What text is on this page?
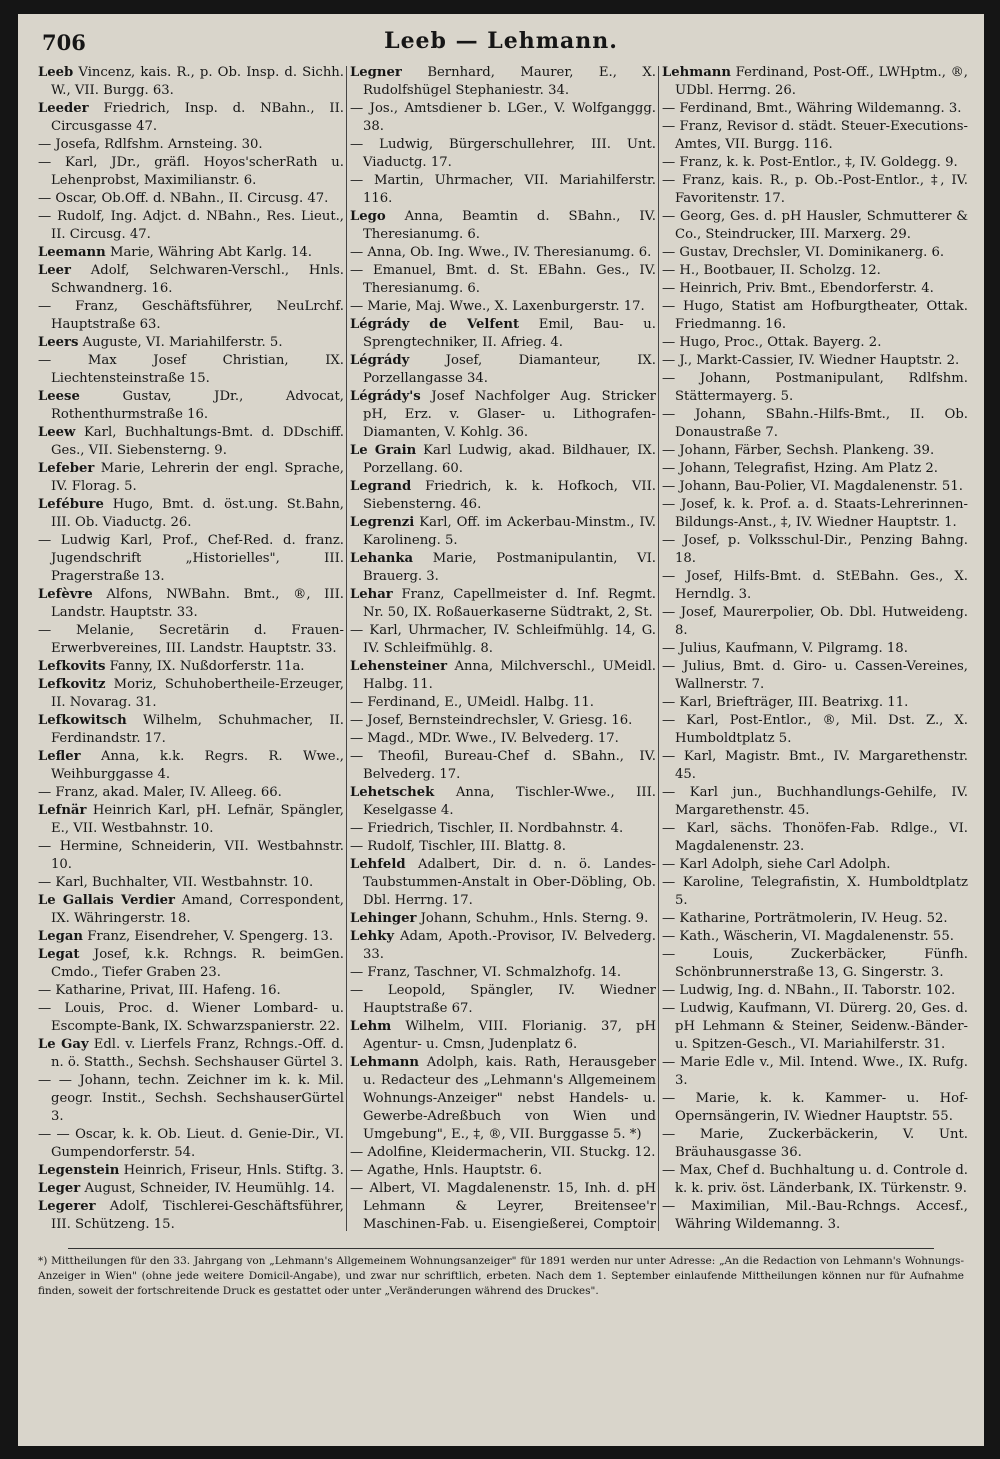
706	Leeb — Lehmann.

Leeb Vincenz, kais. R., p. Ob. Insp. d. Sichh. W., VII. Burgg. 63.

Leeder Friedrich, Insp. d. NBahn., II. Circusgasse 47.

— Josefa, Rdlfshm. Arnsteing. 30.

— Karl, JDr., gräfl. Hoyos'scherRath u. Lehenprobst, Maximilianstr. 6.

— Oscar, Ob.Off. d. NBahn., II. Circusg. 47.

— Rudolf, Ing. Adjct. d. NBahn., Res. Lieut., II. Circusg. 47.

Leemann Marie, Währing Abt Karlg. 14.

Leer Adolf, Selchwaren-Verschl., Hnls. Schwandnerg. 16.

— Franz, Geschäftsführer, NeuLrchf. Hauptstraße 63.

Leers Auguste, VI. Mariahilferstr. 5.

— Max Josef Christian, IX. Liechtensteinstraße 15.

Leese	Gustav, JDr., Advocat, Rothenthurmstraße 16.

Leew Karl, Buchhaltungs-Bmt. d. DDschiff. Ges., VII. Siebensterng. 9.

Lefeber Marie, Lehrerin der engl. Sprache, IV. Florag. 5.

Lefébure Hugo, Bmt. d. öst.ung. St.Bahn, III. Ob. Viaductg. 26.

— Ludwig Karl, Prof., Chef-Red. d. franz. Jugendschrift „Historielles", III. Pragerstraße 13.

Lefèvre Alfons, NWBahn. Bmt., ®, III. Landstr. Hauptstr. 33.

— Melanie, Secretärin d. Frauen-Erwerbvereines, III. Landstr. Hauptstr. 33.

Lefkovits Fanny, IX. Nußdorferstr. 11a.

Lefkovitz Moriz, Schuhobertheile-Erzeuger, II. Novarag. 31.

Lefkowitsch Wilhelm, Schuhmacher, II. Ferdinandstr. 17.

Lefler Anna, k.k. Regrs. R. Wwe., Weihburggasse 4.

— Franz, akad. Maler, IV. Alleeg. 66.

Lefnär Heinrich Karl, pH. Lefnär, Spängler, E., VII. Westbahnstr. 10.

— Hermine, Schneiderin, VII. Westbahnstr. 10.

— Karl, Buchhalter, VII. Westbahnstr. 10.

Le Gallais Verdier Amand, Correspondent, IX. Währingerstr. 18.

Legan Franz, Eisendreher, V. Spengerg. 13.

Legat Josef, k.k. Rchngs. R. beimGen. Cmdo., Tiefer Graben 23.

— Katharine, Privat, III. Hafeng. 16.

— Louis, Proc. d. Wiener Lombard- u. Escompte-Bank, IX. Schwarzspanierstr. 22.

Le Gay Edl. v. Lierfels Franz, Rchngs.-Off. d. n. ö. Statth., Sechsh. Sechshauser Gürtel 3.

— — Johann, techn. Zeichner im k. k. Mil. geogr. Instit., Sechsh. SechshauserGürtel 3.

— — Oscar, k. k. Ob. Lieut. d. Genie-Dir., VI. Gumpendorferstr. 54.

Legenstein Heinrich, Friseur, Hnls. Stiftg. 3.

Leger August, Schneider, IV. Heumühlg. 14.

Legerer Adolf, Tischlerei-Geschäftsführer, III. Schützeng. 15.

Legner Bernhard, Maurer, E., X. Rudolfshügel Stephaniestr. 34.

— Jos., Amtsdiener b. LGer., V. Wolfganggg. 38.

— Ludwig, Bürgerschullehrer, III. Unt. Viaductg. 17.

— Martin, Uhrmacher, VII. Mariahilferstr. 116.

Lego Anna, Beamtin d. SBahn., IV. Theresianumg. 6.

— Anna, Ob. Ing. Wwe., IV. Theresianumg. 6.

— Emanuel, Bmt. d. St. EBahn. Ges., IV. Theresianumg. 6.

— Marie, Maj. Wwe., X. Laxenburgerstr. 17.

Légrády de Velfent Emil, Bau- u. Sprengtechniker, II. Afrieg. 4.

Légrády	Josef, Diamanteur, IX. Porzellangasse 34.

Légrády's Josef Nachfolger Aug. Stricker pH, Erz. v. Glaser- u. Lithografen-Diamanten, V. Kohlg. 36.

Le Grain Karl Ludwig, akad. Bildhauer, IX. Porzellang. 60.

Legrand Friedrich, k. k. Hofkoch, VII. Siebensterng. 46.

Legrenzi Karl, Off. im Ackerbau-Minstm., IV. Karolineng. 5.

Lehanka Marie, Postmanipulantin, VI. Brauerg. 3.

Lehar Franz, Capellmeister d. Inf. Regmt. Nr. 50, IX. Roßauerkaserne Südtrakt, 2, St.

— Karl, Uhrmacher, IV. Schleifmühlg. 14, G. IV. Schleifmühlg. 8.

Lehensteiner Anna, Milchverschl., UMeidl. Halbg. 11.

— Ferdinand, E., UMeidl. Halbg. 11.

— Josef, Bernsteindrechsler, V. Griesg. 16.

— Magd., MDr. Wwe., IV. Belvederg. 17.

— Theofil, Bureau-Chef d. SBahn., IV. Belvederg. 17.

Lehetschek Anna, Tischler-Wwe., III. Keselgasse 4.

— Friedrich, Tischler, II. Nordbahnstr. 4.

— Rudolf, Tischler, III. Blattg. 8.

Lehfeld Adalbert, Dir. d. n. ö. Landes-Taubstummen-Anstalt in Ober-Döbling, Ob. Dbl. Herrng. 17.

Lehinger Johann, Schuhm., Hnls. Sterng. 9.

Lehky Adam, Apoth.-Provisor, IV. Belvederg. 33.

— Franz, Taschner, VI. Schmalzhofg. 14.

— Leopold, Spängler, IV. Wiedner Hauptstraße 67.

Lehm Wilhelm, VIII. Florianig. 37, pH Agentur- u. Cmsn, Judenplatz 6.

Lehmann Adolph, kais. Rath, Herausgeber u. Redacteur des „Lehmann's Allgemeinem Wohnungs-Anzeiger" nebst Handels- u. Gewerbe-Adreßbuch von Wien und Umgebung", E., ‡, ®, VII. Burggasse 5. *)

— Adolfine, Kleidermacherin, VII. Stuckg. 12.

— Agathe, Hnls. Hauptstr. 6.

— Albert, VI. Magdalenenstr. 15, Inh. d. pH Lehmann & Leyrer, Breitensee'r Maschinen-Fab. u. Eisengießerei, Comptoir

Lehmann Ferdinand, Post-Off., LWHptm., ®, UDbl. Herrng. 26.

— Ferdinand, Bmt., Währing Wildemanng. 3.

— Franz, Revisor d. städt. Steuer-Executions-Amtes, VII. Burgg. 116.

— Franz, k. k. Post-Entlor., ‡, IV. Goldegg. 9.

— Franz, kais. R., p. Ob.-Post-Entlor., ‡, IV. Favoritenstr. 17.

— Georg, Ges. d. pH Hausler, Schmutterer & Co., Steindrucker, III. Marxerg. 29.

— Gustav, Drechsler, VI. Dominikanerg. 6.

— H., Bootbauer, II. Scholzg. 12.

— Heinrich, Priv. Bmt., Ebendorferstr. 4.

— Hugo, Statist am Hofburgtheater, Ottak. Friedmanng. 16.

— Hugo, Proc., Ottak. Bayerg. 2.

— J., Markt-Cassier, IV. Wiedner Hauptstr. 2.

— Johann, Postmanipulant, Rdlfshm. Stättermayerg. 5.

— Johann, SBahn.-Hilfs-Bmt., II. Ob. Donaustraße 7.

— Johann, Färber, Sechsh. Plankeng. 39.

— Johann, Telegrafist, Hzing. Am Platz 2.

— Johann, Bau-Polier, VI. Magdalenenstr. 51.

— Josef, k. k. Prof. a. d. Staats-Lehrerinnen-Bildungs-Anst., ‡, IV. Wiedner Hauptstr. 1.

— Josef, p. Volksschul-Dir., Penzing Bahng. 18.

— Josef, Hilfs-Bmt. d. StEBahn. Ges., X. Herndlg. 3.

— Josef, Maurerpolier, Ob. Dbl. Hutweideng. 8.

— Julius, Kaufmann, V. Pilgramg. 18.

— Julius, Bmt. d. Giro- u. Cassen-Vereines, Wallnerstr. 7.

— Karl, Briefträger, III. Beatrixg. 11.

— Karl, Post-Entlor., ®, Mil. Dst. Z., X. Humboldtplatz 5.

— Karl, Magistr. Bmt., IV. Margarethenstr. 45.

— Karl jun., Buchhandlungs-Gehilfe, IV. Margarethenstr. 45.

— Karl, sächs. Thonöfen-Fab. Rdlge., VI. Magdalenenstr. 23.

— Karl Adolph, siehe Carl Adolph.

— Karoline, Telegrafistin, X. Humboldtplatz 5.

— Katharine, Porträtmolerin, IV. Heug. 52.

— Kath., Wäscherin, VI. Magdalenenstr. 55.

— Louis, Zuckerbäcker, Fünfh. Schönbrunnerstraße 13, G. Singerstr. 3.

— Ludwig, Ing. d. NBahn., II. Taborstr. 102.

— Ludwig, Kaufmann, VI. Dürerg. 20, Ges. d. pH Lehmann & Steiner, Seidenw.-Bänder- u. Spitzen-Gesch., VI. Mariahilferstr. 31.

— Marie Edle v., Mil. Intend. Wwe., IX. Rufg. 3.

— Marie, k. k. Kammer- u. Hof-Opernsängerin, IV. Wiedner Hauptstr. 55.

— Marie, Zuckerbäckerin, V. Unt. Bräuhausgasse 36.

— Max, Chef d. Buchhaltung u. d. Controle d. k. k. priv. öst. Länderbank, IX. Türkenstr. 9.

— Maximilian, Mil.-Bau-Rchngs. Accesf., Währing Wildemanng. 3.

*) Mittheilungen für den 33. Jahrgang von „Lehmann's Allgemeinem Wohnungsanzeiger" für 1891 werden nur unter Adresse: „An die Redaction von Lehmann's Wohnungs-Anzeiger in Wien" (ohne jede weitere Domicil-Angabe), und zwar nur schriftlich, erbeten. Nach dem 1. September einlaufende Mittheilungen können nur für Aufnahme finden, soweit der fortschreitende Druck es gestattet oder unter „Veränderungen während des Druckes".
